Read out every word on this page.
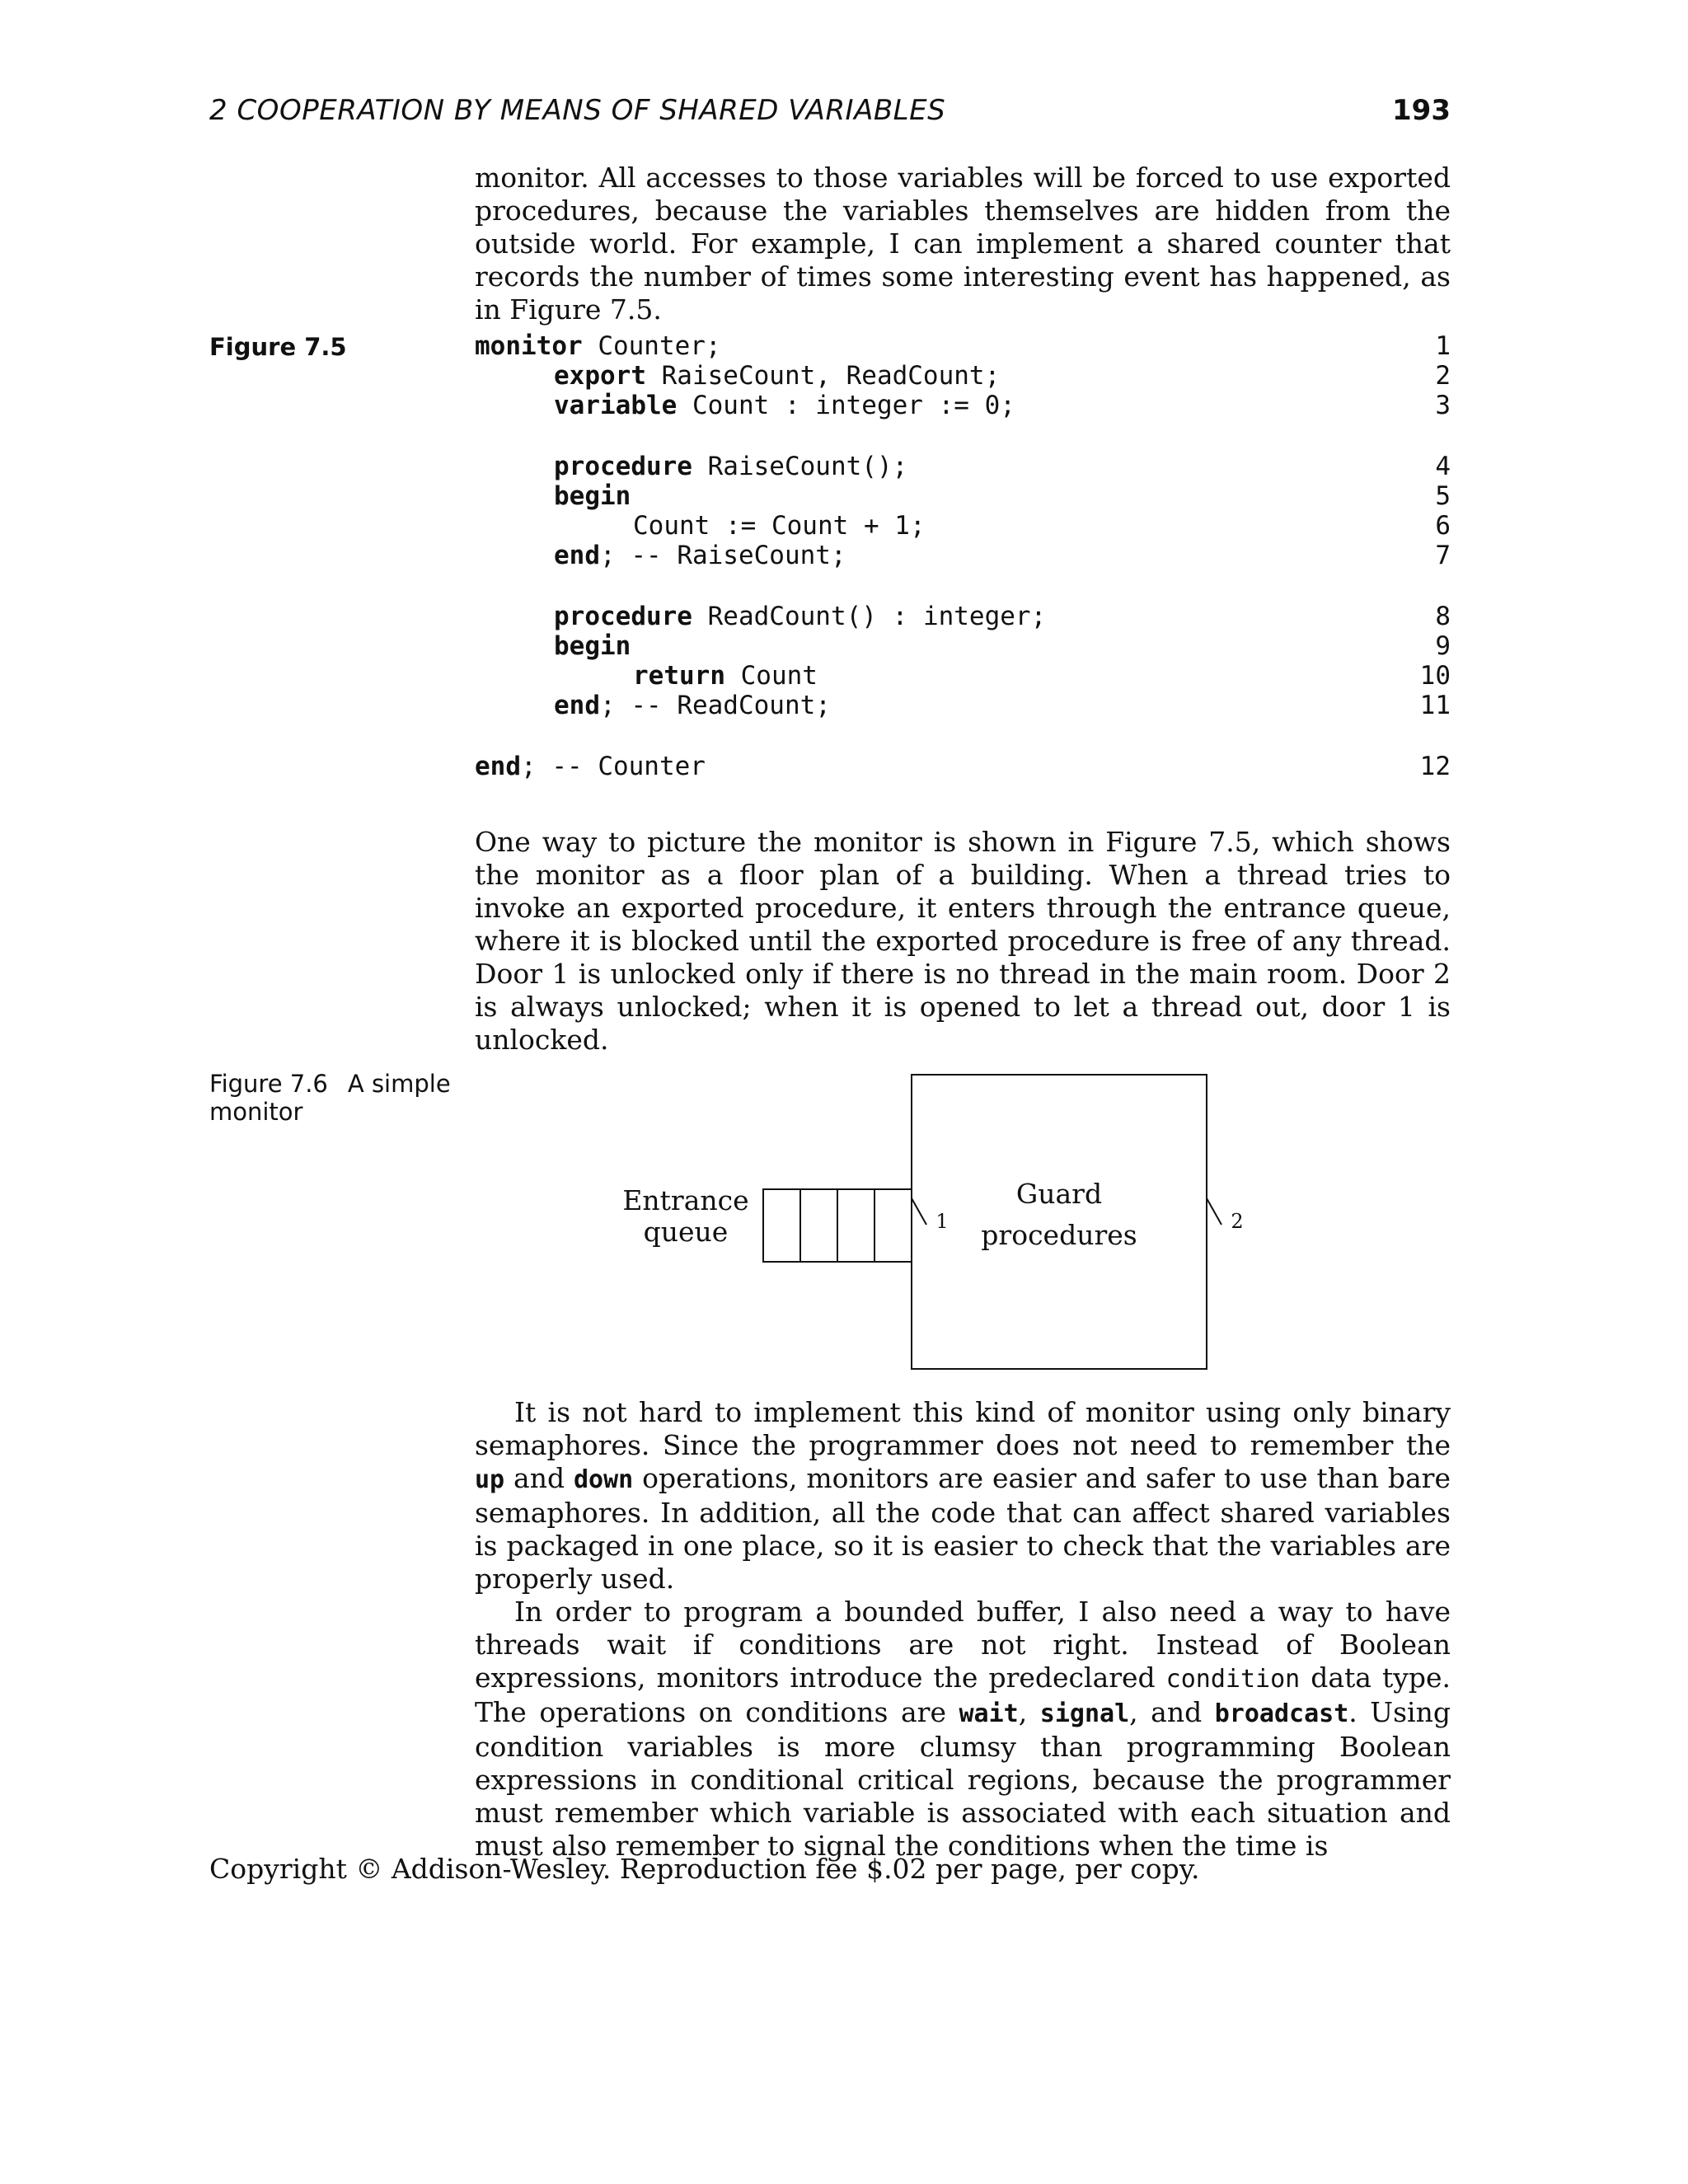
2 COOPERATION BY MEANS OF SHARED VARIABLES	193

monitor. All accesses to those variables will be forced to use exported procedures, because the variables themselves are hidden from the outside world. For example, I can implement a shared counter that records the number of times some interesting event has happened, as in Figure 7.5.

Figure 7.5	monitor Counter;	1
export RaiseCount, ReadCount;	2
variable Count : integer := 0;	3
procedure RaiseCount();	4
begin	5
Count := Count + 1;	6
end; -- RaiseCount;	7
procedure ReadCount() : integer;	8
begin	9
return Count	10
end; -- ReadCount;	11
end; -- Counter	12

One way to picture the monitor is shown in Figure 7.5, which shows the monitor as a floor plan of a building. When a thread tries to invoke an exported procedure, it enters through the entrance queue, where it is blocked until the exported procedure is free of any thread. Door 1 is unlocked only if there is no thread in the main room. Door 2 is always unlocked; when it is opened to let a thread out, door 1 is unlocked.

Figure 7.6 A simple monitor
Entrance
queue
Guard
procedures
1	2

It is not hard to implement this kind of monitor using only binary semaphores. Since the programmer does not need to remember the up and down operations, monitors are easier and safer to use than bare semaphores. In addition, all the code that can affect shared variables is packaged in one place, so it is easier to check that the variables are properly used.

In order to program a bounded buffer, I also need a way to have threads wait if conditions are not right. Instead of Boolean expressions, monitors introduce the predeclared condition data type. The operations on conditions are wait, signal, and broadcast. Using condition variables is more clumsy than programming Boolean expressions in conditional critical regions, because the programmer must remember which variable is associated with each situation and must also remember to signal the conditions when the time is

Copyright © Addison-Wesley. Reproduction fee $.02 per page, per copy.
